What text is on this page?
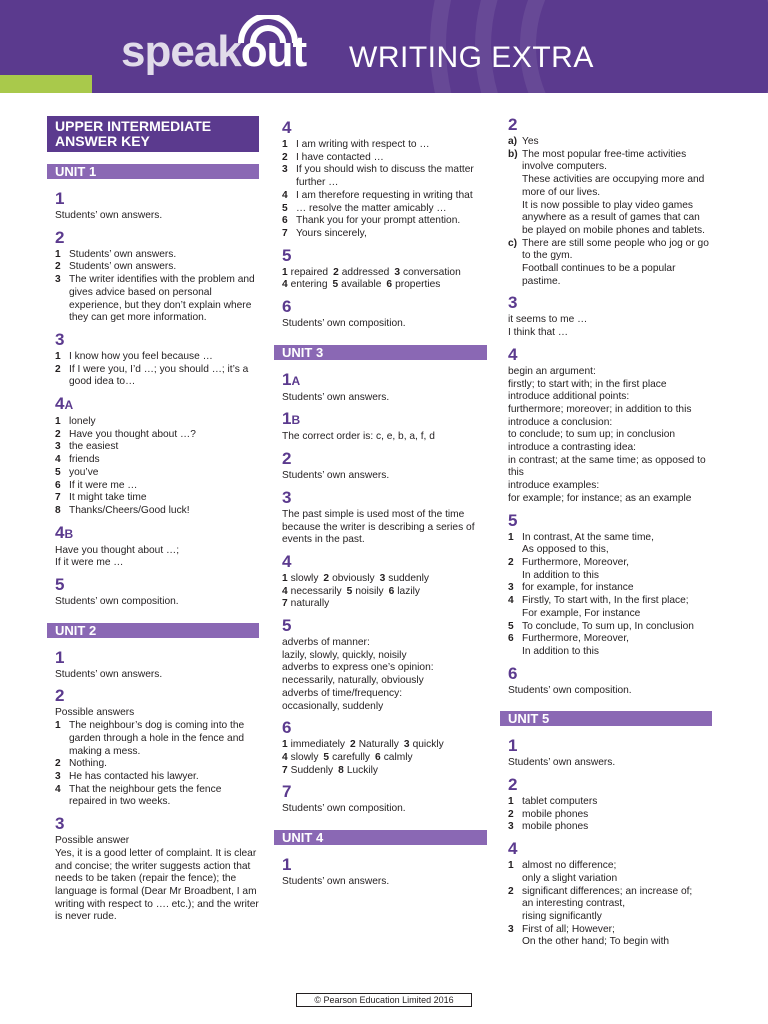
speakout WRITING EXTRA
UPPER INTERMEDIATE
ANSWER KEY
UNIT 1
1

Students’ own answers.

2
1 Students’ own answers.
2 Students’ own answers.
3 The writer identifies with the problem and gives advice based on personal experience, but they don’t explain where they can get more information.
3
1 I know how you feel because …
2 If I were you, I’d …; you should …; it’s a good idea to…
4A
1 lonely
2 Have you thought about …?
3 the easiest
4 friends
5 you’ve
6 If it were me …
7 It might take time
8 Thanks/Cheers/Good luck!
4B

Have you thought about …;

If it were me …

5

Students’ own composition.

UNIT 2
1

Students’ own answers.

2

Possible answers

1 The neighbour’s dog is coming into the garden through a hole in the fence and making a mess.
2 Nothing.
3 He has contacted his lawyer.
4 That the neighbour gets the fence repaired in two weeks.
3

Possible answer

Yes, it is a good letter of complaint. It is clear and concise; the writer suggests action that needs to be taken (repair the fence); the language is formal (Dear Mr Broadbent, I am writing with respect to …. etc.); and the writer is never rude.

4
1 I am writing with respect to …
2 I have contacted …
3 If you should wish to discuss the matter further …
4 I am therefore requesting in writing that
5 … resolve the matter amicably …
6 Thank you for your prompt attention.
7 Yours sincerely,
5
1 repaired 2 addressed 3 conversation
4 entering 5 available 6 properties
6

Students’ own composition.

UNIT 3
1A

Students’ own answers.

1B

The correct order is: c, e, b, a, f, d

2

Students’ own answers.

3

The past simple is used most of the time because the writer is describing a series of events in the past.

4
1 slowly 2 obviously 3 suddenly
4 necessarily 5 noisily 6 lazily
7 naturally
5

adverbs of manner:

lazily, slowly, quickly, noisily

adverbs to express one’s opinion:

necessarily, naturally, obviously

adverbs of time/frequency:

occasionally, suddenly

6
1 immediately 2 Naturally 3 quickly
4 slowly 5 carefully 6 calmly
7 Suddenly 8 Luckily
7

Students’ own composition.

UNIT 4
1

Students’ own answers.

2
a) Yes
b) The most popular free-time activities involve computers.
These activities are occupying more and more of our lives.
It is now possible to play video games anywhere as a result of games that can be played on mobile phones and tablets.
c) There are still some people who jog or go to the gym.
Football continues to be a popular pastime.
3

it seems to me …

I think that …

4

begin an argument:

firstly; to start with; in the first place

introduce additional points:

furthermore; moreover; in addition to this

introduce a conclusion:

to conclude; to sum up; in conclusion

introduce a contrasting idea:

in contrast; at the same time; as opposed to this

introduce examples:

for example; for instance; as an example

5
1 In contrast, At the same time,
As opposed to this,
2 Furthermore, Moreover,
In addition to this
3 for example, for instance
4 Firstly, To start with, In the first place;
For example, For instance
5 To conclude, To sum up, In conclusion
6 Furthermore, Moreover,
In addition to this
6

Students’ own composition.

UNIT 5
1

Students’ own answers.

2
1 tablet computers
2 mobile phones
3 mobile phones
4
1 almost no difference;
only a slight variation
2 significant differences; an increase of;
an interesting contrast,
rising significantly
3 First of all; However;
On the other hand; To begin with
© Pearson Education Limited 2016
